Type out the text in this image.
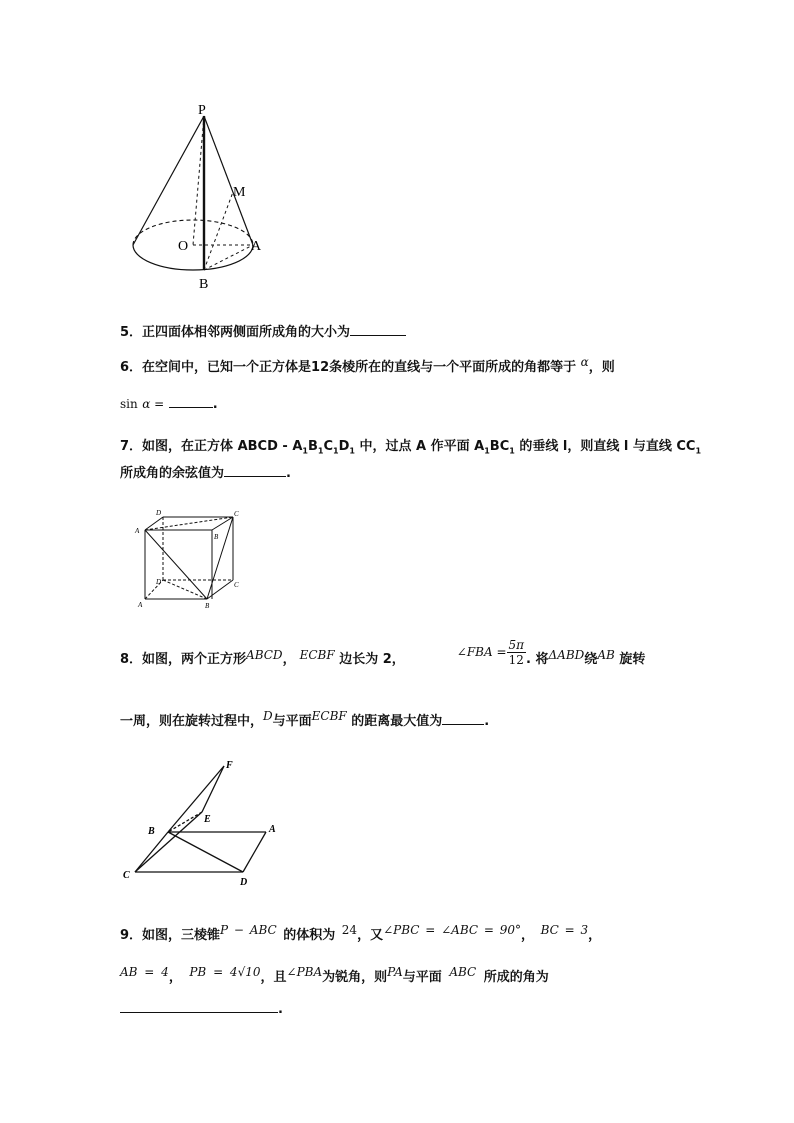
P
M
O	A
B
5．正四面体相邻两侧面所成角的大小为
6．在空间中，已知一个正方体是12条棱所在的直线与一个平面所成的角都等于 α，则
sin α =	.
7．如图，在正方体 ABCD - $A_1B_1C_1D_1$ 中，过点 A 作平面 $A_1BC_1$ 的垂线 l，则直线 l 与直线 $CC_1$
所成角的余弦值为	.
D	C
A
B
D	C
A	B
8．如图，两个正方形 ABCD ， ECBF
边长为 2，	∠FBA = $\frac{5\pi}{12}$ . 将 ΔABD 绕 AB
旋转
一周，则在旋转过程中，D与平面ECBF 的距离最大值为	.
F
E
B	A
C
D
9．如图，三棱锥P − ABC 的体积为 24，又∠PBC = ∠ABC = 90°， BC = 3，
AB = 4， PB = 4√10，且∠PBA为锐角，则PA与平面 ABC 所成的角为
.
